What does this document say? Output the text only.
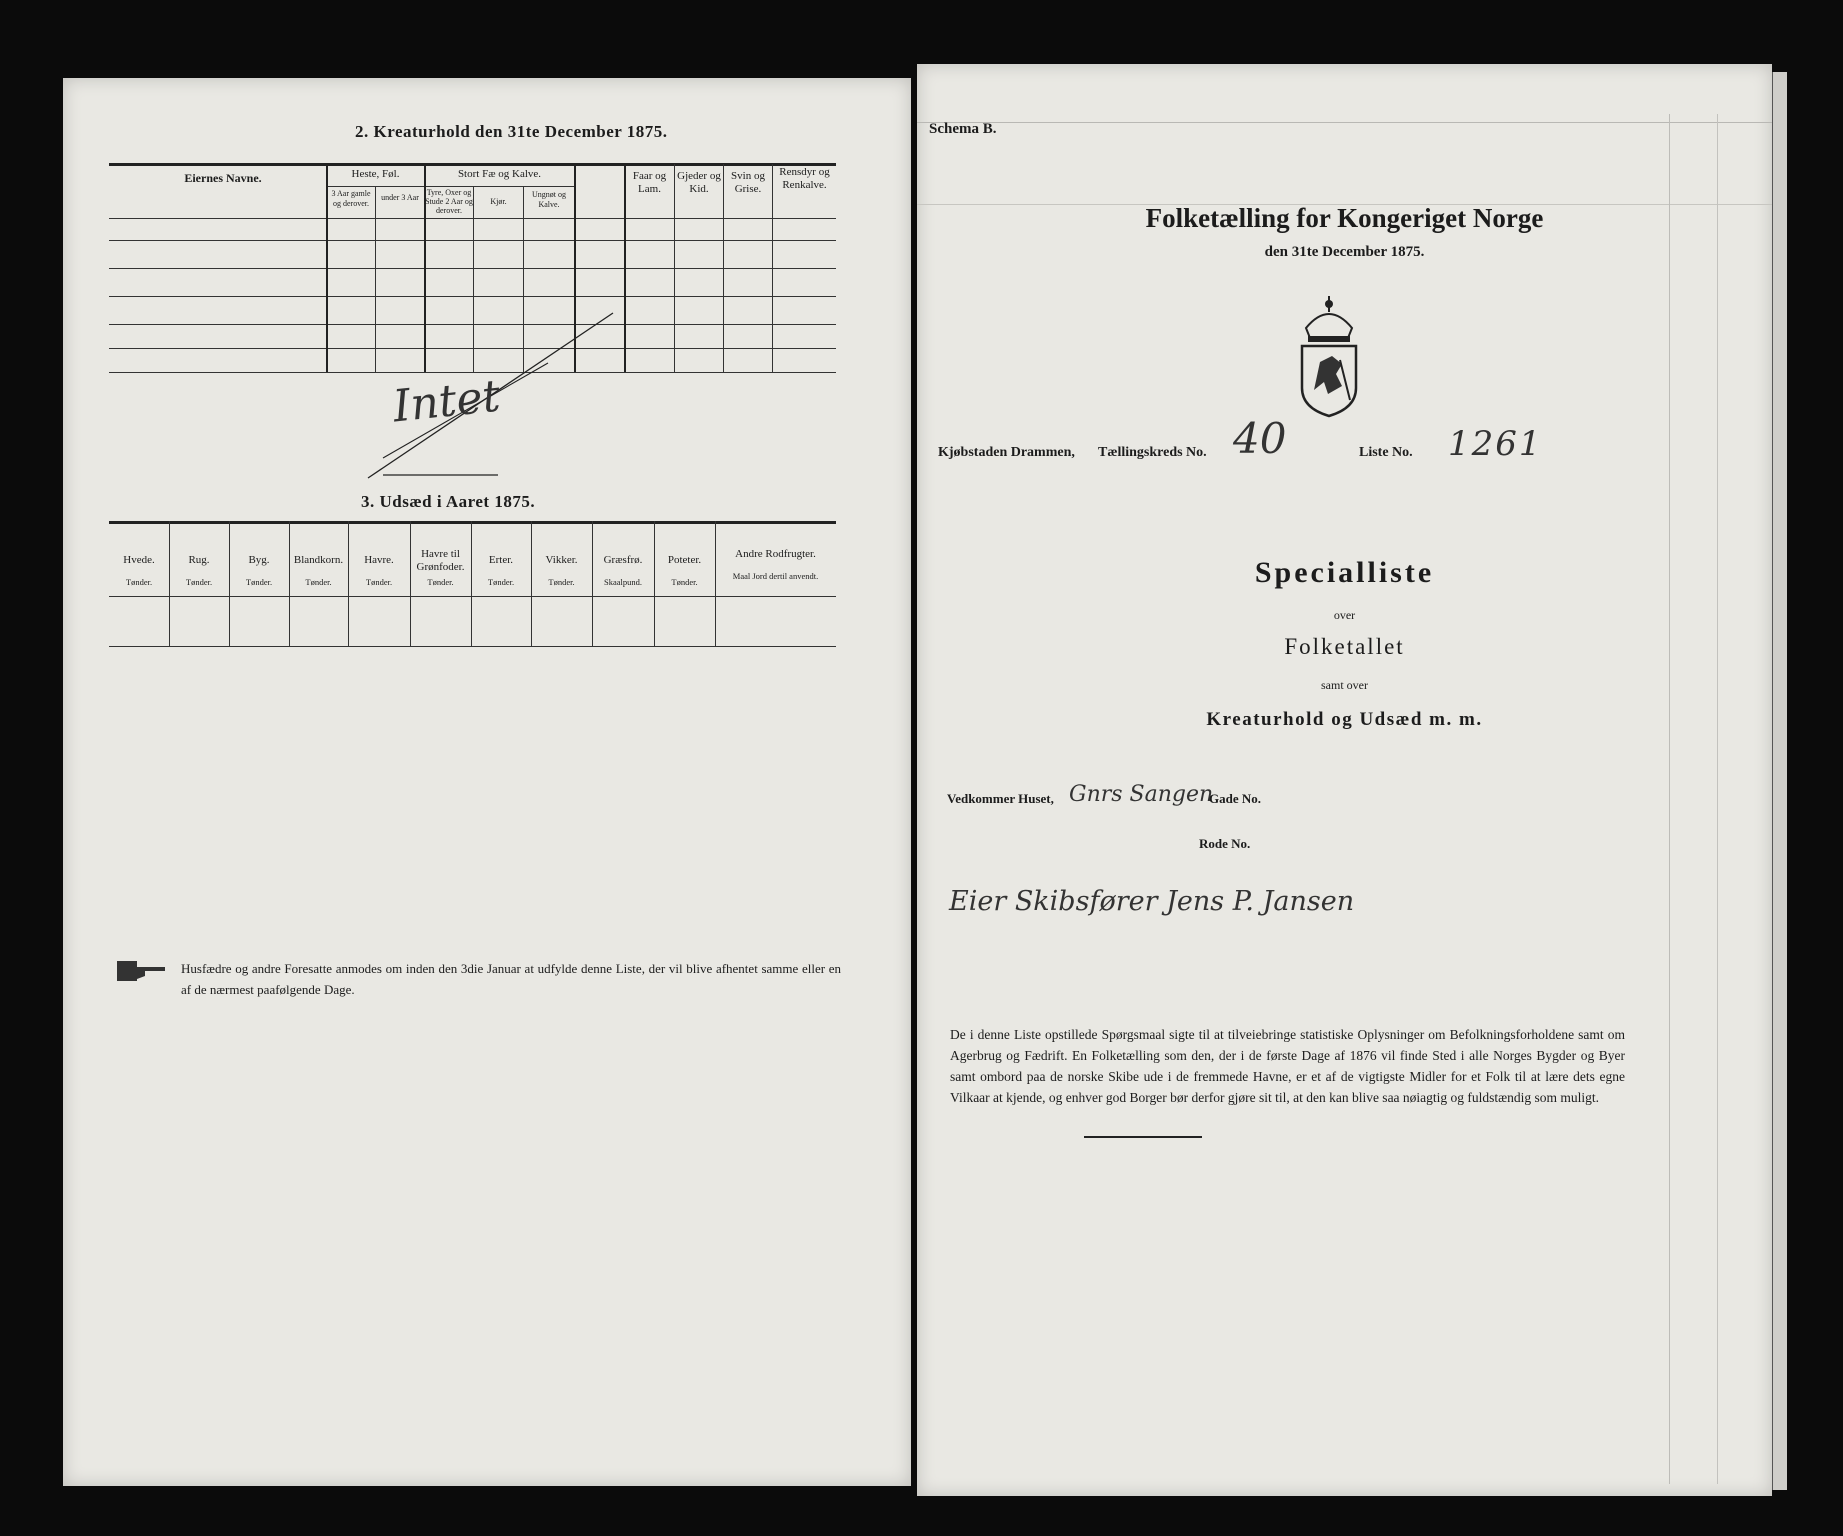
2. Kreaturhold den 31te December 1875.
Eiernes Navne.	Heste, Føl.
3 Aar gamle og derover.
under 3 Aar
Stort Fæ og Kalve.
Tyre, Oxer og Stude 2 Aar og derover.
Kjør.
Ungnøt og Kalve.
Faar og Lam.
Gjeder og Kid.
Svin og Grise.
Rensdyr og Renkalve.
Intet
3. Udsæd i Aaret 1875.
Hvede.
Tønder.
Rug.
Tønder.
Byg.
Tønder.
Blandkorn.
Tønder.
Havre.
Tønder.
Havre til Grønfoder.
Tønder.
Erter.
Tønder.
Vikker.
Tønder.
Græsfrø.
Skaalpund.
Poteter.
Tønder.
Andre Rodfrugter.
Maal Jord dertil anvendt.
Husfædre og andre Foresatte anmodes om inden den 3die Januar at udfylde denne Liste, der vil blive afhentet samme eller en af de nærmest paafølgende Dage.
Schema B.
Folketælling for Kongeriget Norge
den 31te December 1875.
Kjøbstaden Drammen, Tællingskreds No. 40	Liste No. 1261
Specialliste
over
Folketallet
samt over
Kreaturhold og Udsæd m. m.
Vedkommer Huset, Gnrs Sangen
Gade No.
Rode No.
Eier Skibsfører Jens P. Jansen
De i denne Liste opstillede Spørgsmaal sigte til at tilveiebringe statistiske Oplysninger om Befolkningsforholdene samt om Agerbrug og Fædrift. En Folketælling som den, der i de første Dage af 1876 vil finde Sted i alle Norges Bygder og Byer samt ombord paa de norske Skibe ude i de fremmede Havne, er et af de vigtigste Midler for et Folk til at lære dets egne Vilkaar at kjende, og enhver god Borger bør derfor gjøre sit til, at den kan blive saa nøiagtig og fuldstændig som muligt.
